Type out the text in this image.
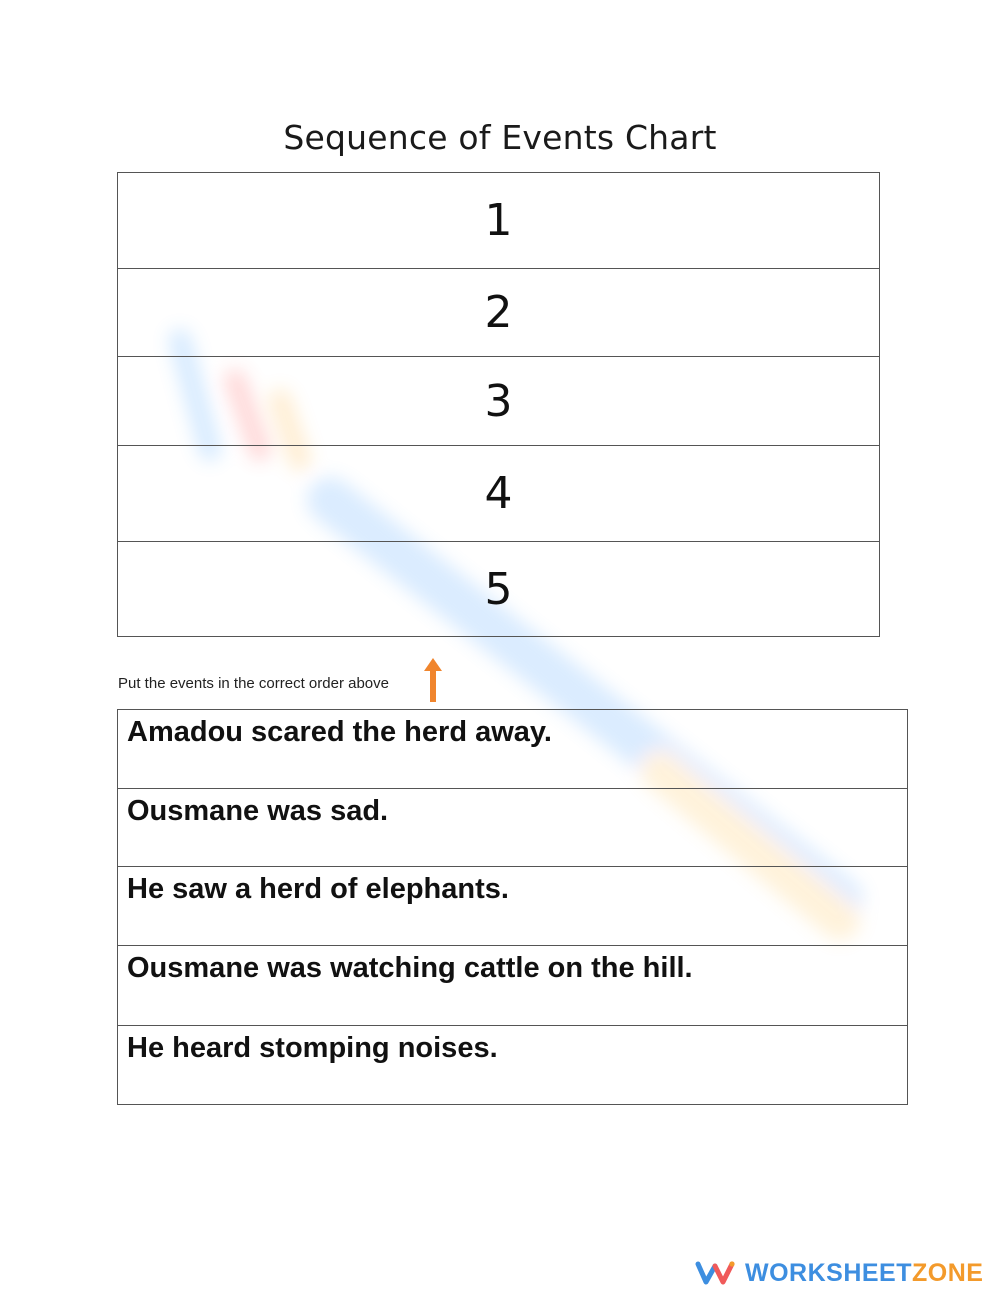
Sequence of Events Chart
1
2
3
4
5
Put the events in the correct order above
Amadou scared the herd away.
Ousmane was sad.
He saw a herd of elephants.
Ousmane was watching cattle on the hill.
He heard stomping noises.
WORKSHEETZONE
